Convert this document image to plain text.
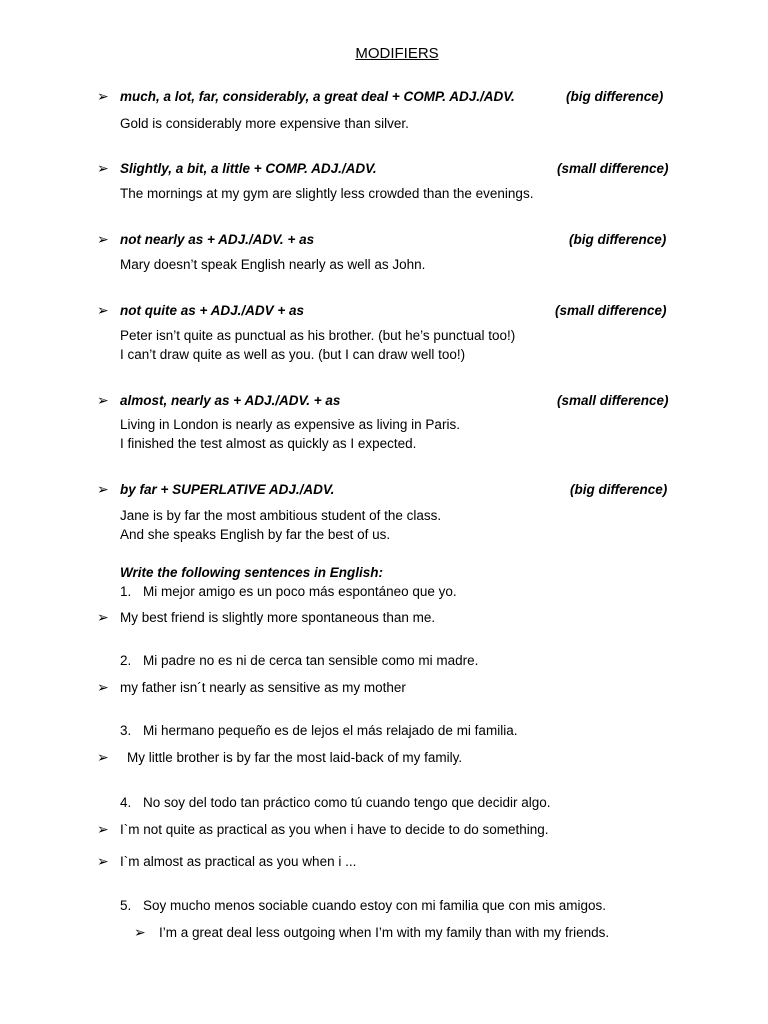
MODIFIERS
➢ much, a lot, far, considerably, a great deal + COMP. ADJ./ADV.	(big difference)
Gold is considerably more expensive than silver.
➢ Slightly, a bit, a little + COMP. ADJ./ADV.	(small difference)
The mornings at my gym are slightly less crowded than the evenings.
➢ not nearly as + ADJ./ADV. + as	(big difference)
Mary doesn’t speak English nearly as well as John.
➢ not quite as + ADJ./ADV + as	(small difference)
Peter isn’t quite as punctual as his brother. (but he’s punctual too!)
I can’t draw quite as well as you. (but I can draw well too!)
➢ almost, nearly as + ADJ./ADV. + as	(small difference)
Living in London is nearly as expensive as living in Paris.
I finished the test almost as quickly as I expected.
➢ by far + SUPERLATIVE ADJ./ADV.	(big difference)
Jane is by far the most ambitious student of the class.
And she speaks English by far the best of us.
Write the following sentences in English:
1. Mi mejor amigo es un poco más espontáneo que yo.
➢ My best friend is slightly more spontaneous than me.
2. Mi padre no es ni de cerca tan sensible como mi madre.
➢ my father isn´t nearly as sensitive as my mother
3. Mi hermano pequeño es de lejos el más relajado de mi familia.
➢ My little brother is by far the most laid-back of my family.
4. No soy del todo tan práctico como tú cuando tengo que decidir algo.
➢ I`m not quite as practical as you when i have to decide to do something.
➢ I`m almost as practical as you when i ...
5. Soy mucho menos sociable cuando estoy con mi familia que con mis amigos.
➢ I’m a great deal less outgoing when I’m with my family than with my friends.
